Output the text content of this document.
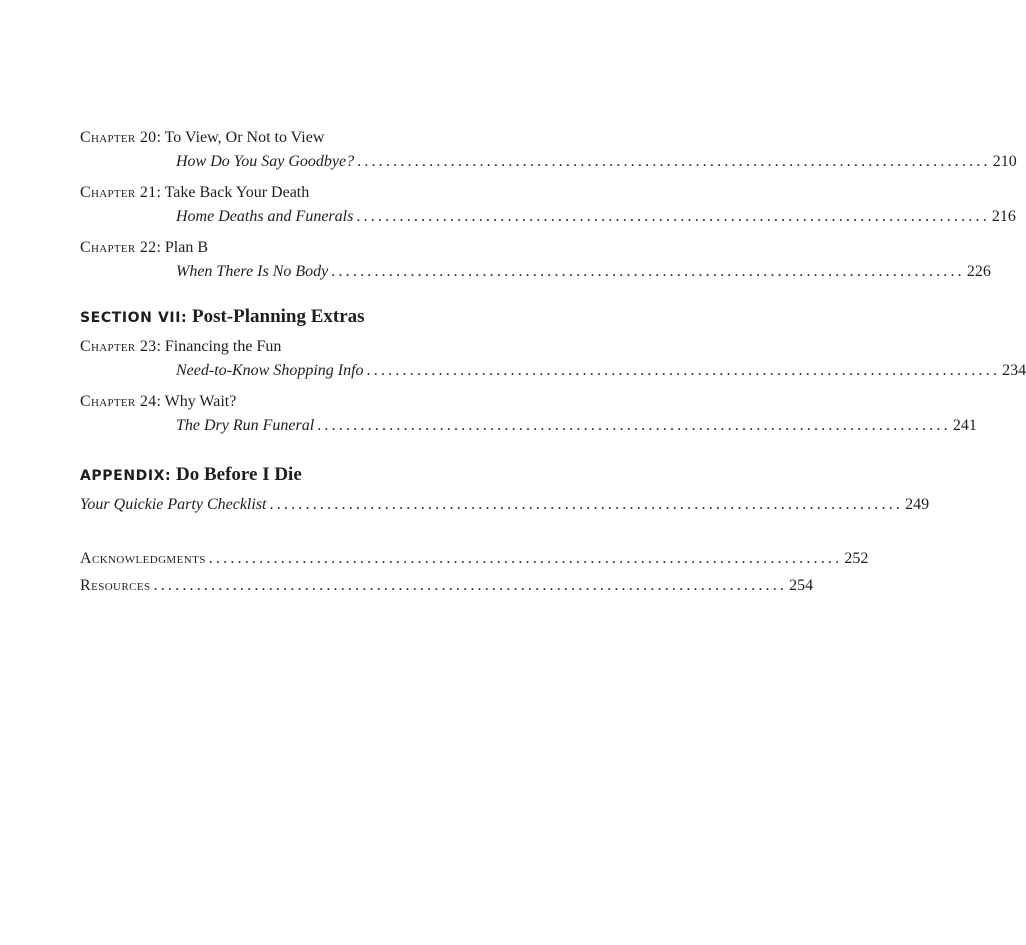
Chapter 20: To View, Or Not to View
How Do You Say Goodbye? ........................................................................................ 210
Chapter 21: Take Back Your Death
Home Deaths and Funerals ........................................................................................ 216
Chapter 22: Plan B
When There Is No Body ........................................................................................ 226
SECTION VII: Post-Planning Extras
Chapter 23: Financing the Fun
Need-to-Know Shopping Info ........................................................................................ 234
Chapter 24: Why Wait?
The Dry Run Funeral ........................................................................................ 241
APPENDIX: Do Before I Die
Your Quickie Party Checklist ........................................................................................ 249
Acknowledgments ........................................................................................ 252
Resources ........................................................................................ 254
